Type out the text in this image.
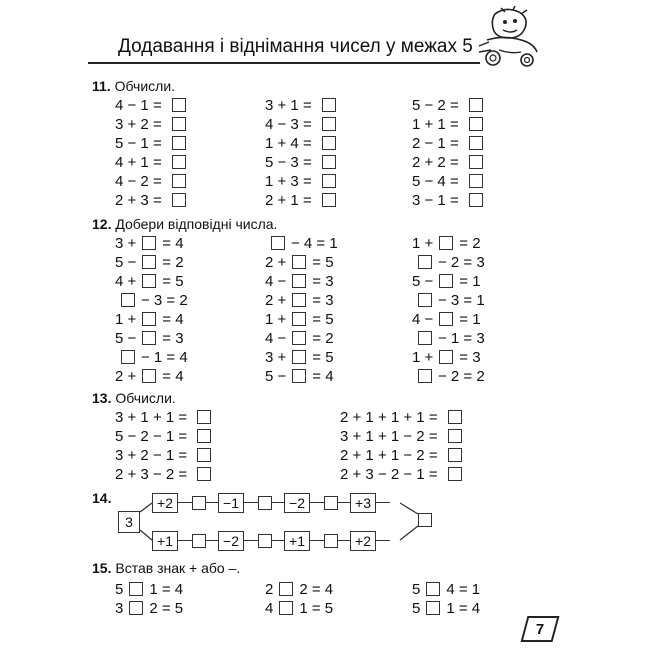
Додавання і віднімання чисел у межах 5
11. Обчисли.
12. Добери відповідні числа.
13. Обчисли.
14.
3
15. Встав знак + або –.
7
4 − 1 =	3 + 1 =	5 − 2 =
3 + 2 =	4 − 3 =	1 + 1 =
5 − 1 =	1 + 4 =	2 − 1 =
4 + 1 =	5 − 3 =	2 + 2 =
4 − 2 =	1 + 3 =	5 − 4 =
2 + 3 =	2 + 1 =	3 − 1 =
3 + = 4	− 4 = 1	1 + = 2
5 − = 2	2 + = 5	− 2 = 3
4 + = 5	4 − = 3	5 − = 1
− 3 = 2	2 + = 3	− 3 = 1
1 + = 4	1 + = 5	4 − = 1
5 − = 3	4 − = 2	− 1 = 3
− 1 = 4	3 + = 5	1 + = 3
2 + = 4	5 − = 4	− 2 = 2
3 + 1 + 1 =	2 + 1 + 1 + 1 =
5 − 2 − 1 =	3 + 1 + 1 − 2 =
3 + 2 − 1 =	2 + 1 + 1 − 2 =
2 + 3 − 2 =	2 + 3 − 2 − 1 =
+2	−1	−2	+3
+1	−2	+1	+2
5 1 = 4	2 2 = 4	5 4 = 1
3 2 = 5	4 1 = 5	5 1 = 4
